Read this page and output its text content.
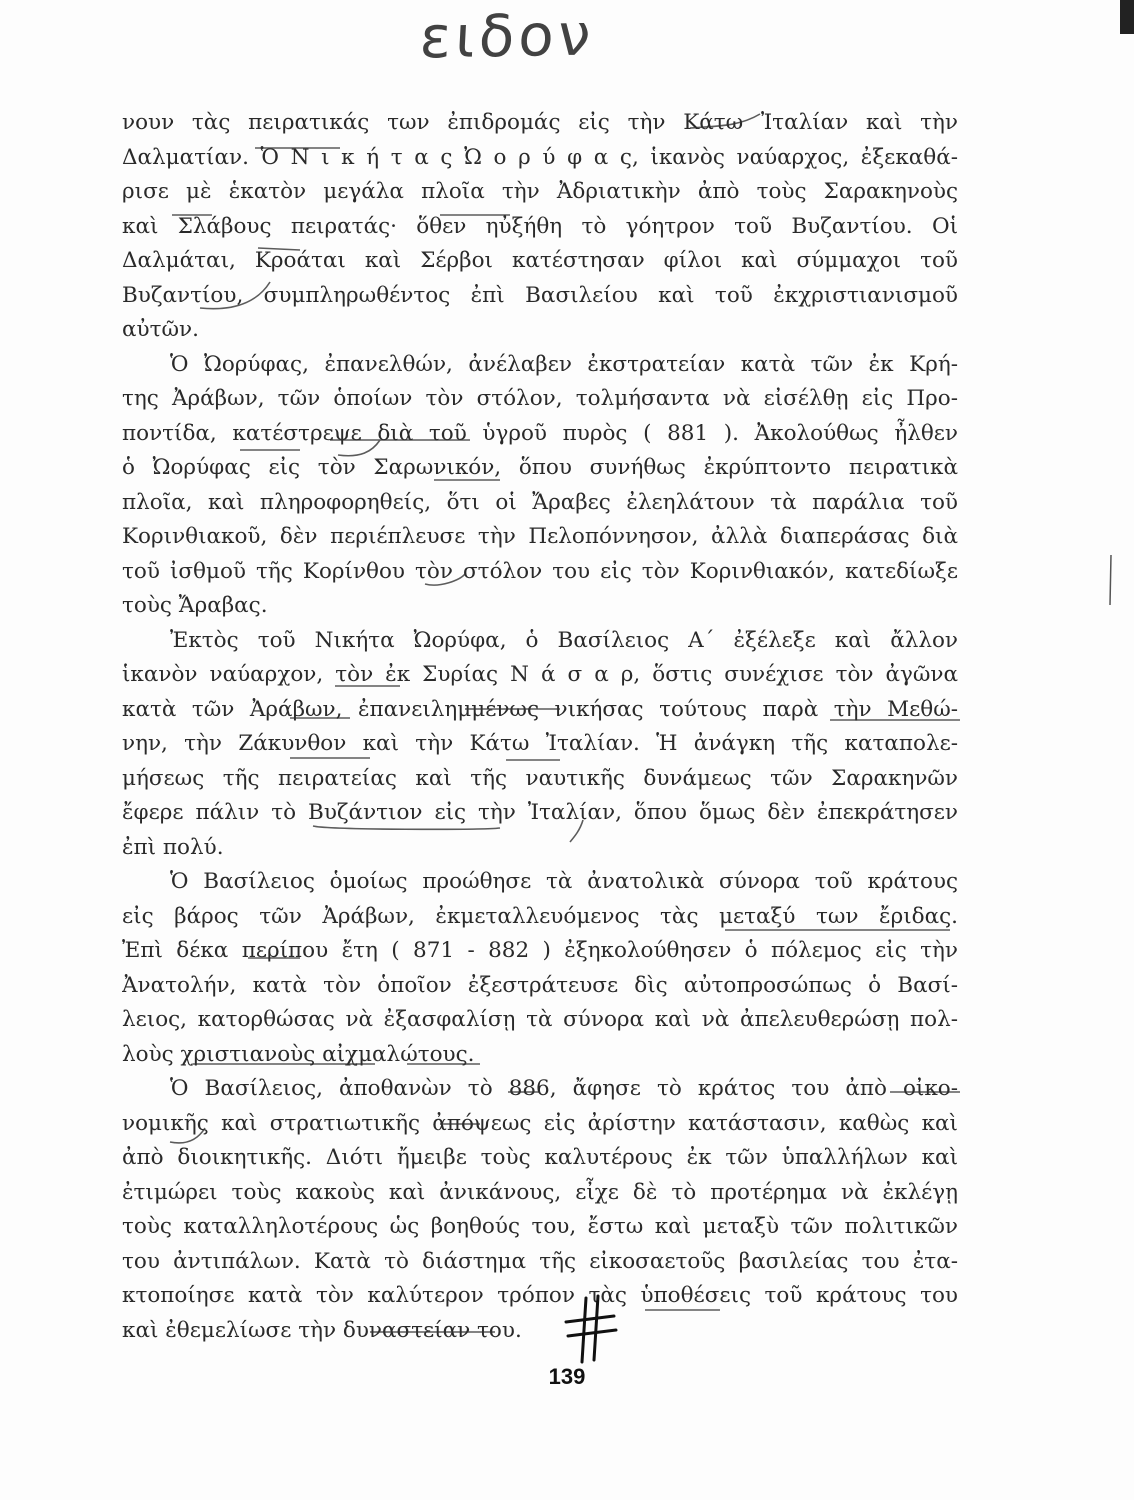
ειδον
νουν τὰς πειρατικάς των ἐπιδρομάς εἰς τὴν Κάτω Ἰταλίαν καὶ τὴν
Δαλματίαν. Ὁ Ν ι κ ή τ α ς Ὠ ο ρ ύ φ α ς, ἱκανὸς ναύαρχος, ἐξεκαθά-
ρισε μὲ ἑκατὸν μεγάλα πλοῖα τὴν Ἀδριατικὴν ἀπὸ τοὺς Σαρακηνοὺς
καὶ Σλάβους πειρατάς· ὅθεν ηὐξήθη τὸ γόητρον τοῦ Βυζαντίου. Οἱ
Δαλμάται, Κροάται καὶ Σέρβοι κατέστησαν φίλοι καὶ σύμμαχοι τοῦ
Βυζαντίου, συμπληρωθέντος ἐπὶ Βασιλείου καὶ τοῦ ἐκχριστιανισμοῦ
αὐτῶν.
Ὁ Ὠορύφας, ἐπανελθών, ἀνέλαβεν ἐκστρατείαν κατὰ τῶν ἐκ Κρή-
της Ἀράβων, τῶν ὁποίων τὸν στόλον, τολμήσαντα νὰ εἰσέλθῃ εἰς Προ-
ποντίδα, κατέστρεψε διὰ τοῦ ὑγροῦ πυρὸς ( 881 ). Ἀκολούθως ἦλθεν
ὁ Ὠορύφας εἰς τὸν Σαρωνικόν, ὅπου συνήθως ἐκρύπτοντο πειρατικὰ
πλοῖα, καὶ πληροφορηθείς, ὅτι οἱ Ἄραβες ἐλεηλάτουν τὰ παράλια τοῦ
Κορινθιακοῦ, δὲν περιέπλευσε τὴν Πελοπόννησον, ἀλλὰ διαπεράσας διὰ
τοῦ ἰσθμοῦ τῆς Κορίνθου τὸν στόλον του εἰς τὸν Κορινθιακόν, κατεδίωξε
τοὺς Ἄραβας.
Ἐκτὸς τοῦ Νικήτα Ὠορύφα, ὁ Βασίλειος Α΄ ἐξέλεξε καὶ ἄλλον
ἱκανὸν ναύαρχον, τὸν ἐκ Συρίας Ν ά σ α ρ, ὅστις συνέχισε τὸν ἀγῶνα
κατὰ τῶν Ἀράβων, ἐπανειλημμένως νικήσας τούτους παρὰ τὴν Μεθώ-
νην, τὴν Ζάκυνθον καὶ τὴν Κάτω Ἰταλίαν. Ἡ ἀνάγκη τῆς καταπολε-
μήσεως τῆς πειρατείας καὶ τῆς ναυτικῆς δυνάμεως τῶν Σαρακηνῶν
ἔφερε πάλιν τὸ Βυζάντιον εἰς τὴν Ἰταλίαν, ὅπου ὅμως δὲν ἐπεκράτησεν
ἐπὶ πολύ.
Ὁ Βασίλειος ὁμοίως προώθησε τὰ ἀνατολικὰ σύνορα τοῦ κράτους
εἰς βάρος τῶν Ἀράβων, ἐκμεταλλευόμενος τὰς μεταξύ των ἔριδας.
Ἐπὶ δέκα περίπου ἔτη ( 871 - 882 ) ἐξηκολούθησεν ὁ πόλεμος εἰς τὴν
Ἀνατολήν, κατὰ τὸν ὁποῖον ἐξεστράτευσε δὶς αὐτοπροσώπως ὁ Βασί-
λειος, κατορθώσας νὰ ἐξασφαλίσῃ τὰ σύνορα καὶ νὰ ἀπελευθερώσῃ πολ-
λοὺς χριστιανοὺς αἰχμαλώτους.
Ὁ Βασίλειος, ἀποθανὼν τὸ 886, ἄφησε τὸ κράτος του ἀπὸ οἰκο-
νομικῆς καὶ στρατιωτικῆς ἀπόψεως εἰς ἀρίστην κατάστασιν, καθὼς καὶ
ἀπὸ διοικητικῆς. Διότι ἤμειβε τοὺς καλυτέρους ἐκ τῶν ὑπαλλήλων καὶ
ἐτιμώρει τοὺς κακοὺς καὶ ἀνικάνους, εἶχε δὲ τὸ προτέρημα νὰ ἐκλέγῃ
τοὺς καταλληλοτέρους ὡς βοηθούς του, ἔστω καὶ μεταξὺ τῶν πολιτικῶν
του ἀντιπάλων. Κατὰ τὸ διάστημα τῆς εἰκοσαετοῦς βασιλείας του ἐτα-
κτοποίησε κατὰ τὸν καλύτερον τρόπον τὰς ὑποθέσεις τοῦ κράτους του
καὶ ἐθεμελίωσε τὴν δυναστείαν του.
139
